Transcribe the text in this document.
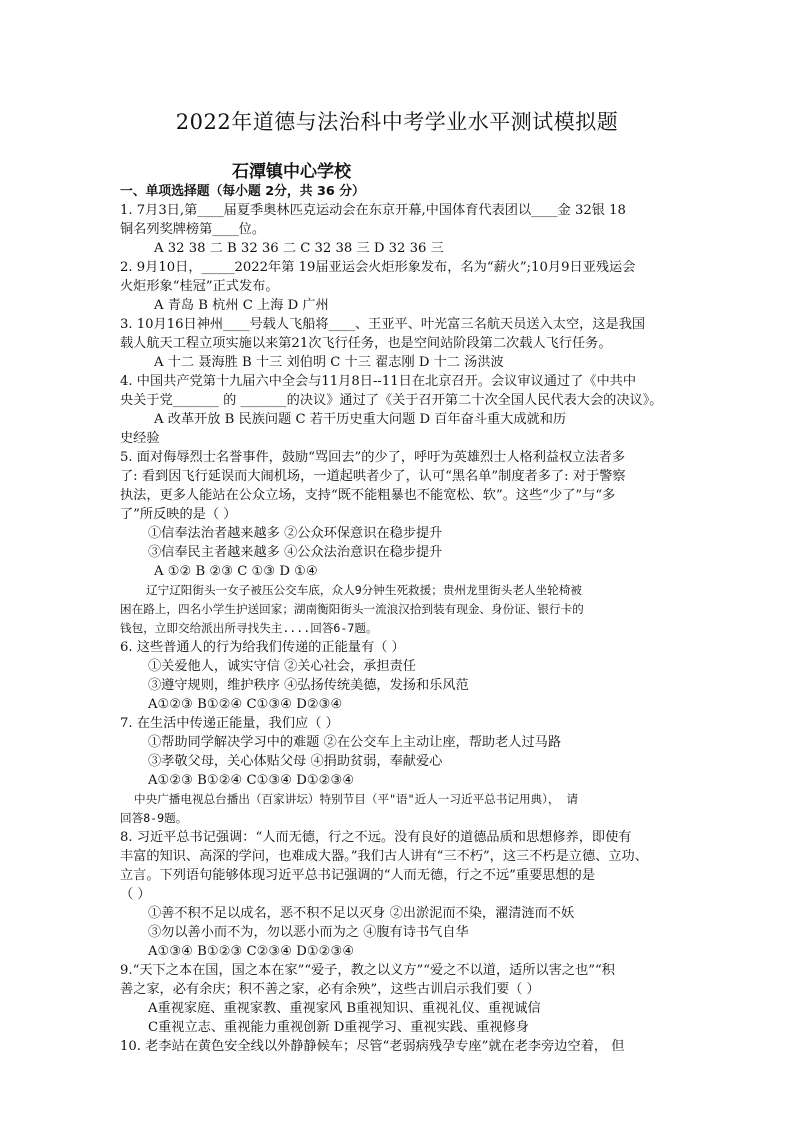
2022年道德与法治科中考学业水平测试模拟题
石潭镇中心学校
一、单项选择题（每小题 2分，共 36 分）
1. 7月3日,第____届夏季奥林匹克运动会在东京开幕,中国体育代表团以____金 32银 18
铜名列奖牌榜第____位。
A 32 38 二 B 32 36 二 C 32 38 三 D 32 36 三
2. 9月10日，_____2022年第 19届亚运会火炬形象发布，名为“薪火”;10月9日亚残运会
火炬形象“桂冠”正式发布。
A 青岛 B 杭州 C 上海 D 广州
3. 10月16日神州____号载人飞船将____、王亚平、叶光富三名航天员送入太空，这是我国
载人航天工程立项实施以来第21次飞行任务，也是空间站阶段第二次载人飞行任务。
A 十二 聂海胜 B 十三 刘伯明 C 十三 翟志刚 D 十二 汤洪波
4. 中国共产党第十九届六中全会与11月8日--11日在北京召开。会议审议通过了《中共中
央关于党_______ 的 _______的决议》通过了《关于召开第二十次全国人民代表大会的决议》。
A 改革开放 B 民族问题 C 若干历史重大问题 D 百年奋斗重大成就和历
史经验
5. 面对侮辱烈士名誉事件，鼓励“骂回去”的少了，呼吁为英雄烈士人格利益权立法者多
了: 看到因飞行延误而大闹机场，一道起哄者少了，认可“黑名单”制度者多了: 对于警察
执法，更多人能站在公众立场，支持“既不能粗暴也不能宽松、软”。这些“少了”与“多
了”所反映的是（ ）
①信奉法治者越来越多 ②公众环保意识在稳步提升
③信奉民主者越来越多 ④公众法治意识在稳步提升
A ①② B ②③ C ①③ D ①④
辽宁辽阳街头一女子被压公交车底，众人9分钟生死救援；贵州龙里街头老人坐轮椅被
困在路上，四名小学生护送回家；湖南衡阳街头一流浪汉拾到装有现金、身份证、银行卡的
钱包，立即交给派出所寻找失主....回答6-7题。
6. 这些普通人的行为给我们传递的正能量有（ ）
①关爱他人，诚实守信 ②关心社会，承担责任
③遵守规则，维护秩序 ④弘扬传统美德，发扬和乐风范
A①②③ B①②④ C①③④ D②③④
7. 在生活中传递正能量，我们应（ ）
①帮助同学解决学习中的难题 ②在公交车上主动让座，帮助老人过马路
③孝敬父母，关心体贴父母 ④捐助贫弱，奉献爱心
A①②③ B①②④ C①③④ D①②③④
中央广播电视总台播出（百家讲坛）特别节目（平"语"近人一习近平总书记用典）， 请
回答8-9题。
8. 习近平总书记强调：“人而无德，行之不远。没有良好的道德品质和思想修养，即使有
丰富的知识、高深的学问，也难成大器。”我们古人讲有“三不朽”，这三不朽是立德、立功、
立言。下列语句能够体现习近平总书记强调的“人而无德，行之不远”重要思想的是
（ ）
①善不积不足以成名，恶不积不足以灭身 ②出淤泥而不染，濯清涟而不妖
③勿以善小而不为，勿以恶小而为之 ④腹有诗书气自华
A①③④ B①②③ C②③④ D①②③④
9.“天下之本在国，国之本在家”“爱子，教之以义方”“爱之不以道，适所以害之也”“积
善之家，必有余庆；积不善之家，必有余殃”，这些古训启示我们要（ ）
A重视家庭、重视家教、重视家风 B重视知识、重视礼仪、重视诚信
C重视立志、重视能力重视创新 D重视学习、重视实践、重视修身
10. 老李站在黄色安全线以外静静候车；尽管“老弱病残孕专座”就在老李旁边空着， 但
